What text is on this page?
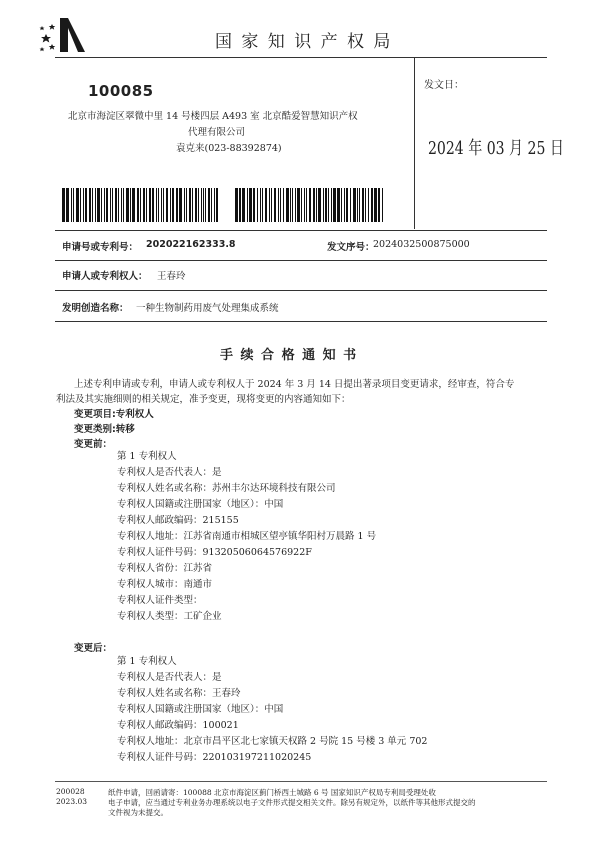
国 家 知 识 产 权 局
100085
北京市海淀区翠微中里 14 号楼四层 A493 室 北京酷爱智慧知识产权
代理有限公司
袁克来(023-88392874)
发文日：
2024 年 03 月 25 日
申请号或专利号： 202022162333.8	发文序号：
2024032500875000
申请人或专利权人： 王春玲
发明创造名称： 一种生物制药用废气处理集成系统
手 续 合 格 通 知 书
上述专利申请或专利，申请人或专利权人于 2024 年 3 月 14 日提出著录项目变更请求，经审查，符合专
利法及其实施细则的相关规定，准予变更，现将变更的内容通知如下：
变更项目:专利权人
变更类别:转移
变更前：
第 1 专利权人
专利权人是否代表人：是
专利权人姓名或名称：苏州丰尔达环境科技有限公司
专利权人国籍或注册国家（地区）：中国
专利权人邮政编码：215155
专利权人地址：江苏省南通市相城区望亭镇华阳村万晨路 1 号
专利权人证件号码：91320506064576922F
专利权人省份：江苏省
专利权人城市：南通市
专利权人证件类型：
专利权人类型：工矿企业
变更后：
第 1 专利权人
专利权人是否代表人：是
专利权人姓名或名称：王春玲
专利权人国籍或注册国家（地区）：中国
专利权人邮政编码：100021
专利权人地址：北京市昌平区北七家镇天权路 2 号院 15 号楼 3 单元 702
专利权人证件号码：220103197211020245
200028
2023.03
纸件申请，回函请寄：100088 北京市海淀区蓟门桥西土城路 6 号 国家知识产权局专利局受理处收
电子申请，应当通过专利业务办理系统以电子文件形式提交相关文件。除另有规定外，以纸件等其他形式提交的
文件视为未提交。
